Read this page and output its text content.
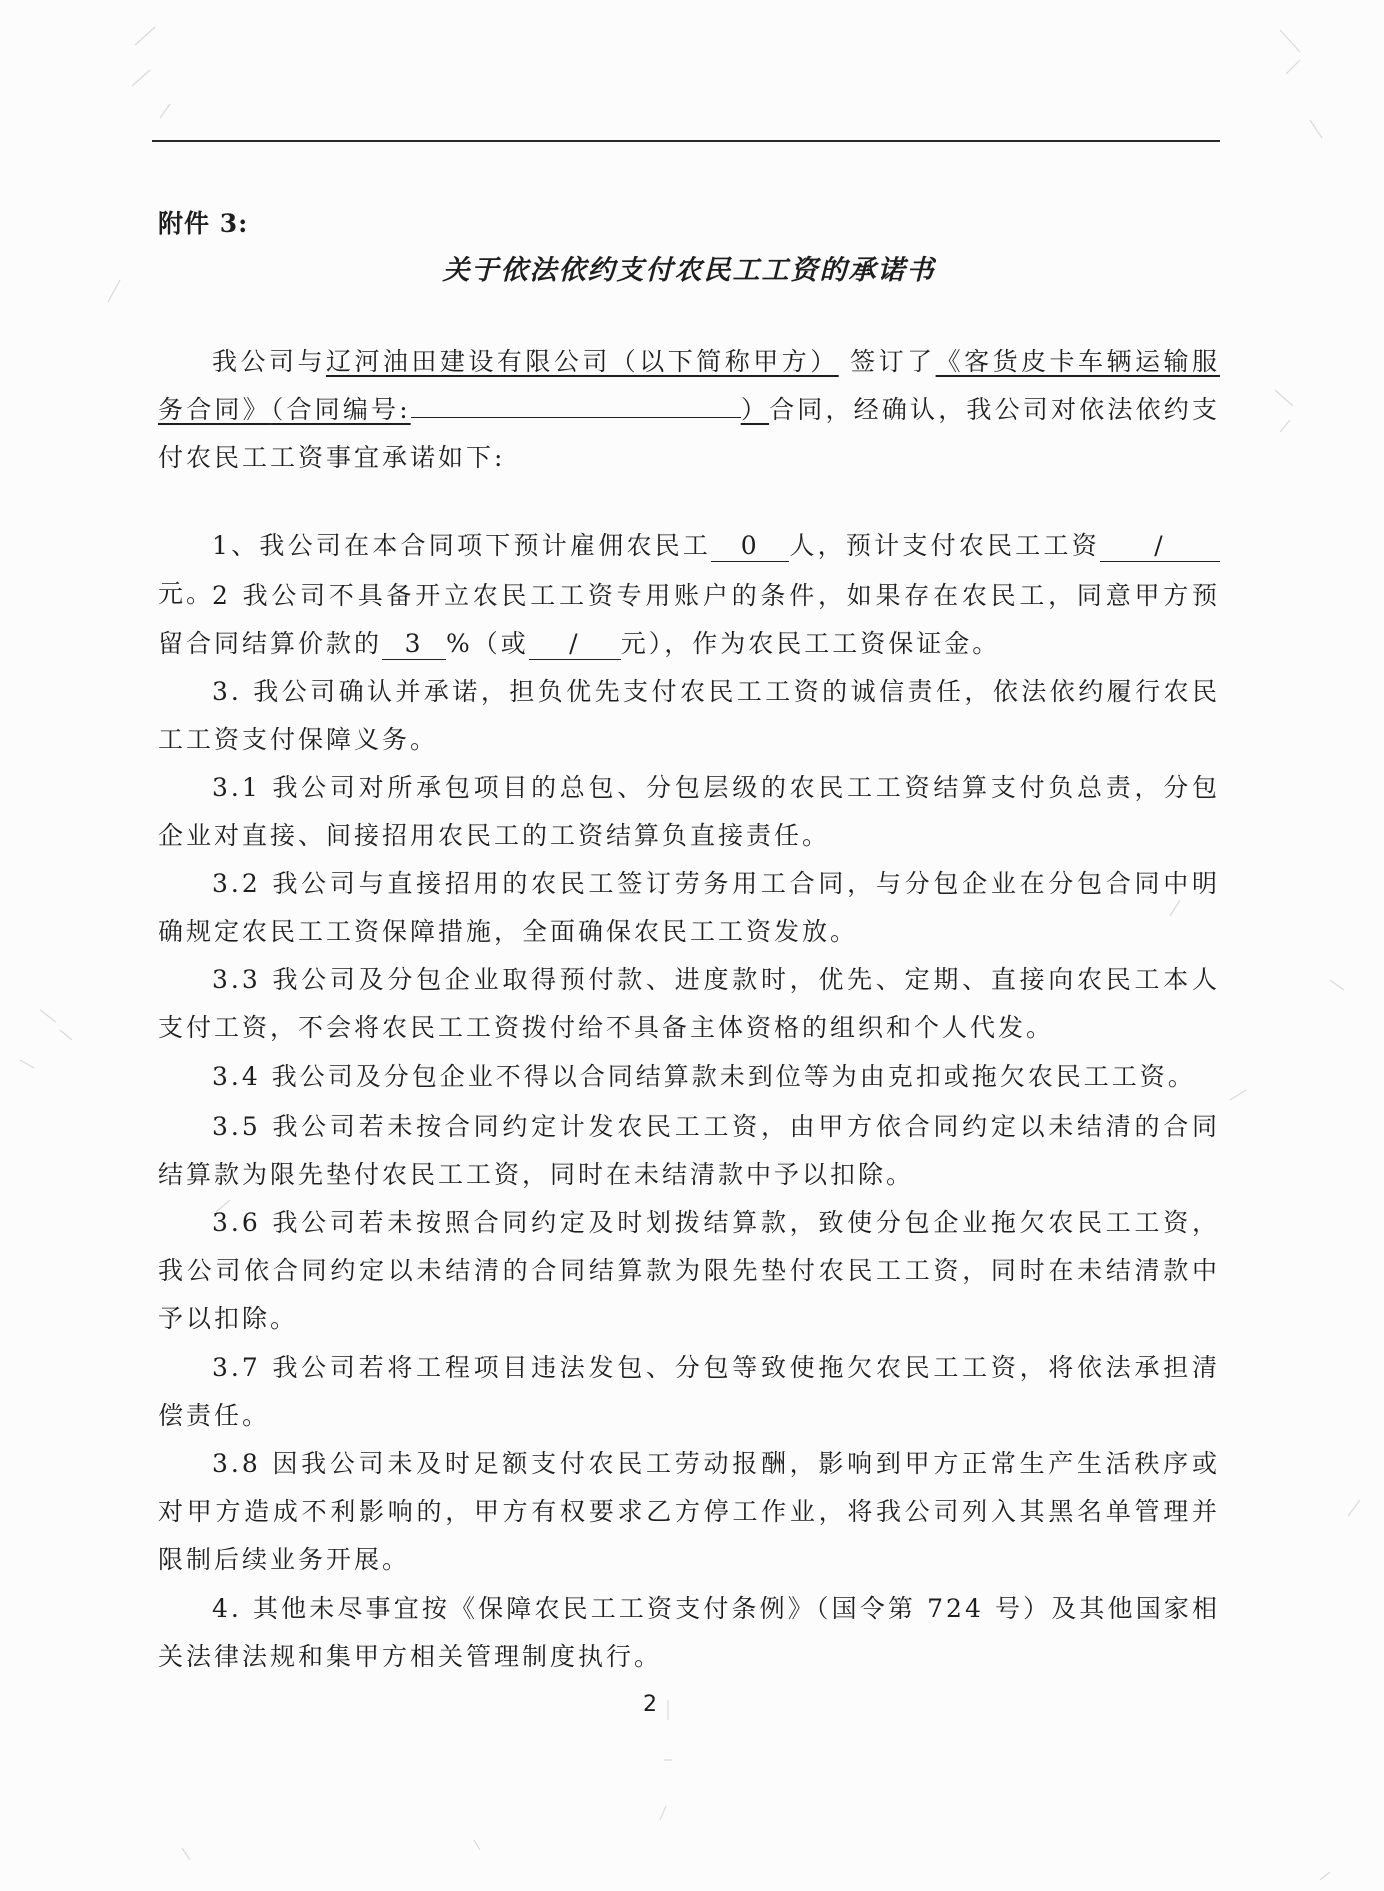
附件 3:

关于依法依约支付农民工工资的承诺书

我公司与辽河油田建设有限公司（以下简称甲方） 签订了《客货皮卡车辆运输服务合同》（合同编号:	）合同，经确认，我公司对依法依约支付农民工工资事宜承诺如下:

1、我公司在本合同项下预计雇佣农民工 0 人，预计支付农民工工资 /元。

2 我公司不具备开立农民工工资专用账户的条件，如果存在农民工，同意甲方预留合同结算价款的 3 %（或 / 元），作为农民工工资保证金。

3. 我公司确认并承诺，担负优先支付农民工工资的诚信责任，依法依约履行农民工工资支付保障义务。

3.1 我公司对所承包项目的总包、分包层级的农民工工资结算支付负总责，分包企业对直接、间接招用农民工的工资结算负直接责任。

3.2 我公司与直接招用的农民工签订劳务用工合同，与分包企业在分包合同中明确规定农民工工资保障措施，全面确保农民工工资发放。

3.3 我公司及分包企业取得预付款、进度款时，优先、定期、直接向农民工本人支付工资，不会将农民工工资拨付给不具备主体资格的组织和个人代发。

3.4 我公司及分包企业不得以合同结算款未到位等为由克扣或拖欠农民工工资。

3.5 我公司若未按合同约定计发农民工工资，由甲方依合同约定以未结清的合同结算款为限先垫付农民工工资，同时在未结清款中予以扣除。

3.6 我公司若未按照合同约定及时划拨结算款，致使分包企业拖欠农民工工资，我公司依合同约定以未结清的合同结算款为限先垫付农民工工资，同时在未结清款中予以扣除。

3.7 我公司若将工程项目违法发包、分包等致使拖欠农民工工资，将依法承担清偿责任。

3.8 因我公司未及时足额支付农民工劳动报酬，影响到甲方正常生产生活秩序或对甲方造成不利影响的，甲方有权要求乙方停工作业，将我公司列入其黑名单管理并限制后续业务开展。

4. 其他未尽事宜按《保障农民工工资支付条例》（国令第 724 号）及其他国家相关法律法规和集甲方相关管理制度执行。

2
